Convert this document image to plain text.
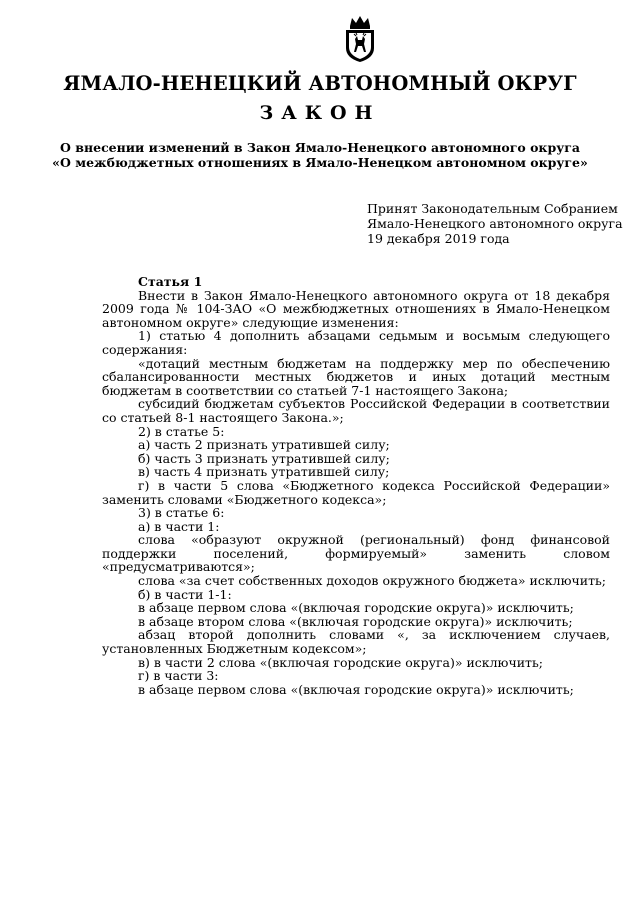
ЯМАЛО-НЕНЕЦКИЙ АВТОНОМНЫЙ ОКРУГ
ЗАКОН
О внесении изменений в Закон Ямало-Ненецкого автономного округа
«О межбюджетных отношениях в Ямало-Ненецком автономном округе»
Принят Законодательным Собранием
Ямало-Ненецкого автономного округа
19 декабря 2019 года

Статья 1

Внести в Закон Ямало-Ненецкого автономного округа от 18 декабря 2009 года № 104-ЗАО «О межбюджетных отношениях в Ямало-Ненецком автономном округе» следующие изменения:

1) статью 4 дополнить абзацами седьмым и восьмым следующего содержания:

«дотаций местным бюджетам на поддержку мер по обеспечению сбалансированности местных бюджетов и иных дотаций местным бюджетам в соответствии со статьей 7-1 настоящего Закона;

субсидий бюджетам субъектов Российской Федерации в соответствии со статьей 8-1 настоящего Закона.»;

2) в статье 5:

а) часть 2 признать утратившей силу;

б) часть 3 признать утратившей силу;

в) часть 4 признать утратившей силу;

г) в части 5 слова «Бюджетного кодекса Российской Федерации» заменить словами «Бюджетного кодекса»;

3) в статье 6:

а) в части 1:

слова «образуют окружной (региональный) фонд финансовой поддержки поселений, формируемый» заменить словом «предусматриваются»;

слова «за счет собственных доходов окружного бюджета» исключить;

б) в части 1-1:

в абзаце первом слова «(включая городские округа)» исключить;

в абзаце втором слова «(включая городские округа)» исключить;

абзац второй дополнить словами «, за исключением случаев, установленных Бюджетным кодексом»;

в) в части 2 слова «(включая городские округа)» исключить;

г) в части 3:

в абзаце первом слова «(включая городские округа)» исключить;
